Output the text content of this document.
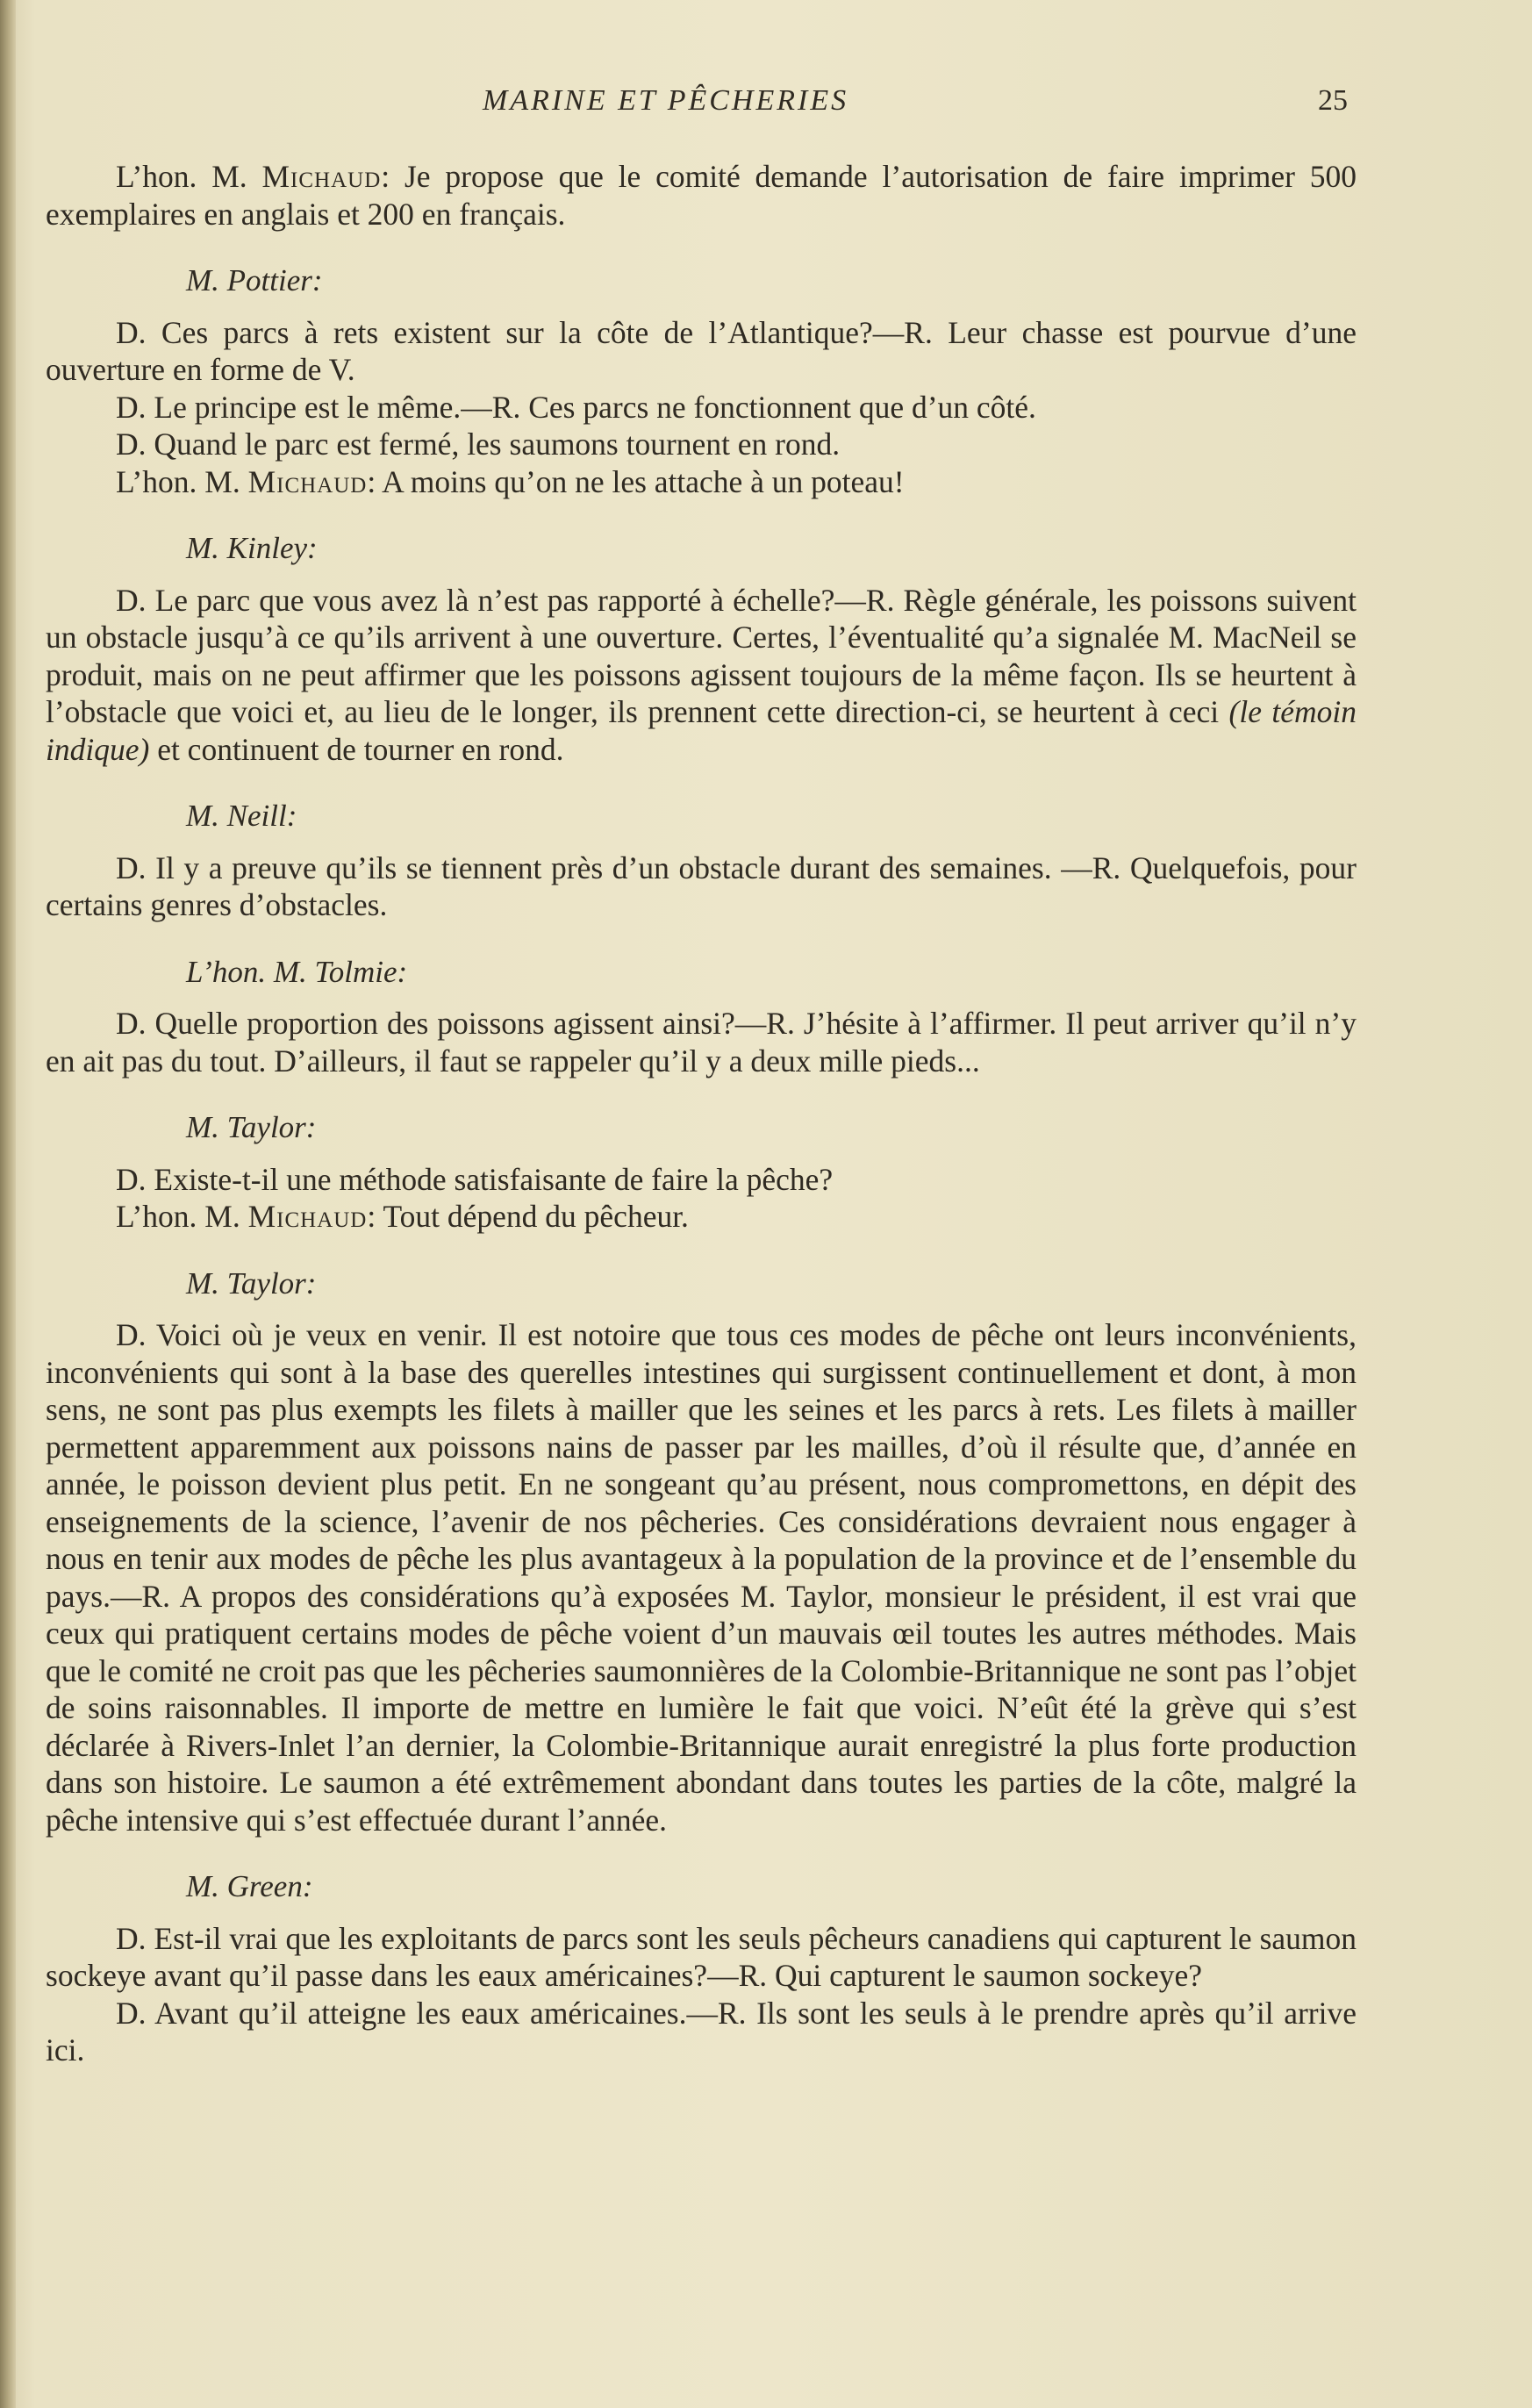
MARINE ET PÊCHERIES	25

L’hon. M. Michaud: Je propose que le comité demande l’autorisation de faire imprimer 500 exemplaires en anglais et 200 en français.

M. Pottier:

D. Ces parcs à rets existent sur la côte de l’Atlantique?—R. Leur chasse est pourvue d’une ouverture en forme de V.

D. Le principe est le même.—R. Ces parcs ne fonctionnent que d’un côté.

D. Quand le parc est fermé, les saumons tournent en rond.

L’hon. M. Michaud: A moins qu’on ne les attache à un poteau!

M. Kinley:

D. Le parc que vous avez là n’est pas rapporté à échelle?—R. Règle générale, les poissons suivent un obstacle jusqu’à ce qu’ils arrivent à une ouverture. Certes, l’éventualité qu’a signalée M. MacNeil se produit, mais on ne peut affirmer que les poissons agissent toujours de la même façon. Ils se heurtent à l’obstacle que voici et, au lieu de le longer, ils prennent cette direction-ci, se heurtent à ceci (le témoin indique) et continuent de tourner en rond.

M. Neill:

D. Il y a preuve qu’ils se tiennent près d’un obstacle durant des semaines. —R. Quelquefois, pour certains genres d’obstacles.

L’hon. M. Tolmie:

D. Quelle proportion des poissons agissent ainsi?—R. J’hésite à l’affirmer. Il peut arriver qu’il n’y en ait pas du tout. D’ailleurs, il faut se rappeler qu’il y a deux mille pieds...

M. Taylor:

D. Existe-t-il une méthode satisfaisante de faire la pêche?

L’hon. M. Michaud: Tout dépend du pêcheur.

M. Taylor:

D. Voici où je veux en venir. Il est notoire que tous ces modes de pêche ont leurs inconvénients, inconvénients qui sont à la base des querelles intestines qui surgissent continuellement et dont, à mon sens, ne sont pas plus exempts les filets à mailler que les seines et les parcs à rets. Les filets à mailler permettent apparemment aux poissons nains de passer par les mailles, d’où il résulte que, d’année en année, le poisson devient plus petit. En ne songeant qu’au présent, nous compromettons, en dépit des enseignements de la science, l’avenir de nos pêcheries. Ces considérations devraient nous engager à nous en tenir aux modes de pêche les plus avantageux à la population de la province et de l’ensemble du pays.—R. A propos des considérations qu’à exposées M. Taylor, monsieur le président, il est vrai que ceux qui pratiquent certains modes de pêche voient d’un mauvais œil toutes les autres méthodes. Mais que le comité ne croit pas que les pêcheries saumonnières de la Colombie-Britannique ne sont pas l’objet de soins raisonnables. Il importe de mettre en lumière le fait que voici. N’eût été la grève qui s’est déclarée à Rivers-Inlet l’an dernier, la Colombie-Britannique aurait enregistré la plus forte production dans son histoire. Le saumon a été extrêmement abondant dans toutes les parties de la côte, malgré la pêche intensive qui s’est effectuée durant l’année.

M. Green:

D. Est-il vrai que les exploitants de parcs sont les seuls pêcheurs canadiens qui capturent le saumon sockeye avant qu’il passe dans les eaux américaines?—R. Qui capturent le saumon sockeye?

D. Avant qu’il atteigne les eaux américaines.—R. Ils sont les seuls à le prendre après qu’il arrive ici.
